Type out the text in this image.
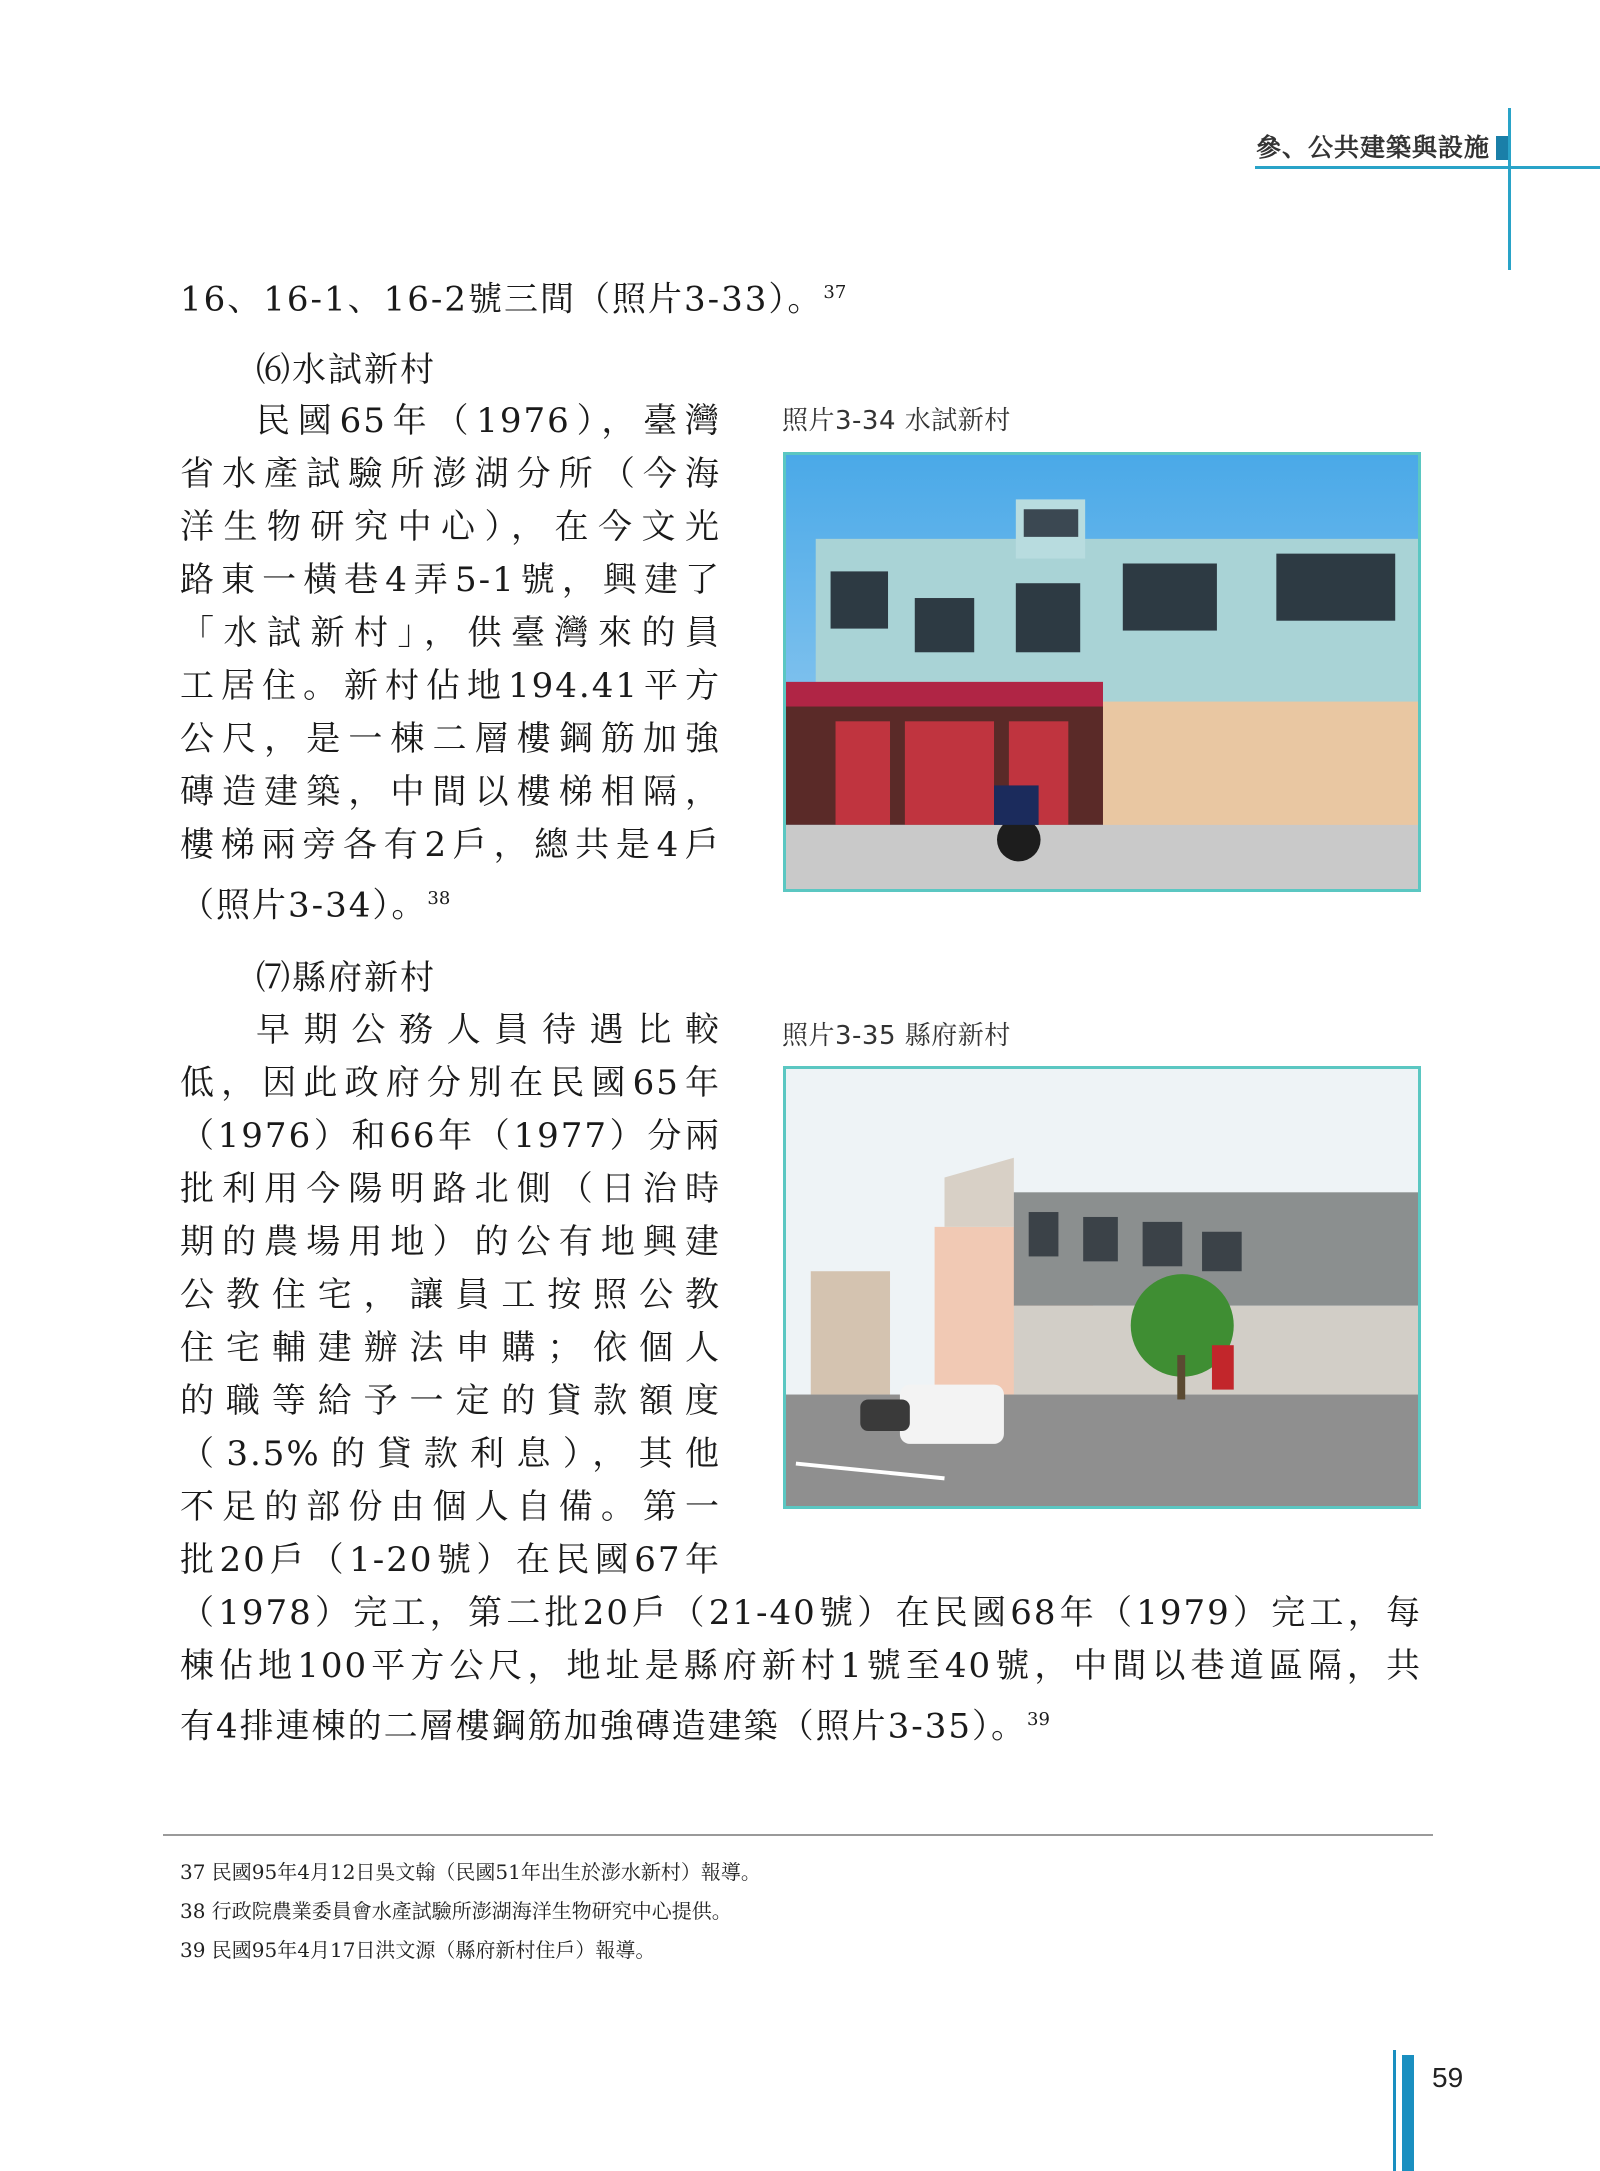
參、公共建築與設施
16、16-1、16-2號三間（照片3-33）。$^{37}$
⑹水試新村
民國65年（1976），臺灣
省水產試驗所澎湖分所（今海
洋生物研究中心），在今文光
路東一橫巷4弄5-1號，興建了
「水試新村」，供臺灣來的員
工居住。新村佔地194.41平方
公尺，是一棟二層樓鋼筋加強
磚造建築，中間以樓梯相隔，
樓梯兩旁各有2戶，總共是4戶
（照片3-34）。$^{38}$
照片3-34 水試新村
⑺縣府新村
早期公務人員待遇比較
低，因此政府分別在民國65年
（1976）和66年（1977）分兩
批利用今陽明路北側（日治時
期的農場用地）的公有地興建
公教住宅，讓員工按照公教
住宅輔建辦法申購；依個人
的職等給予一定的貸款額度
（3.5%的貸款利息），其他
不足的部份由個人自備。第一
批20戶（1-20號）在民國67年
（1978）完工，第二批20戶（21-40號）在民國68年（1979）完工，每
棟佔地100平方公尺，地址是縣府新村1號至40號，中間以巷道區隔，共
有4排連棟的二層樓鋼筋加強磚造建築（照片3-35）。$^{39}$
照片3-35 縣府新村
37 民國95年4月12日吳文翰（民國51年出生於澎水新村）報導。
38 行政院農業委員會水產試驗所澎湖海洋生物研究中心提供。
39 民國95年4月17日洪文源（縣府新村住戶）報導。
59
